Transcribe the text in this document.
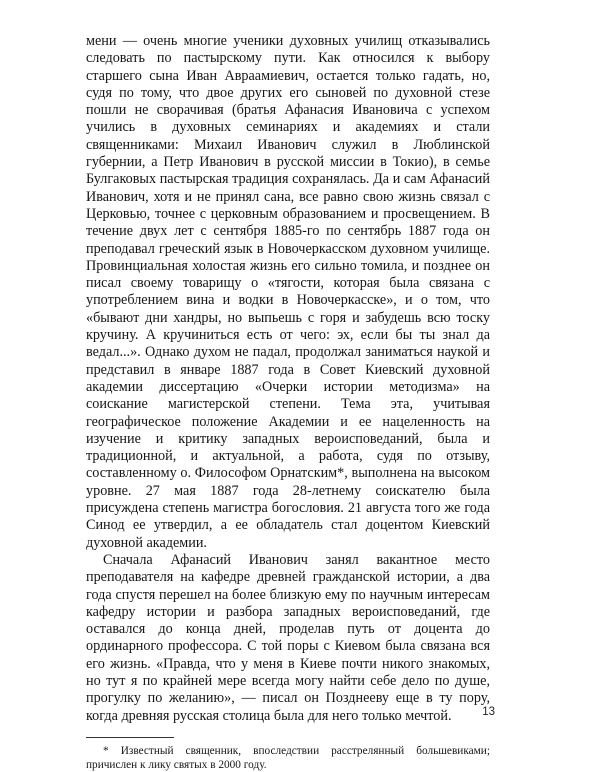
мени — очень многие ученики духовных училищ отказывались следовать по пастырскому пути. Как относился к выбору старшего сына Иван Авраамиевич, остается только гадать, но, судя по тому, что двое других его сыновей по духовной стезе пошли не сворачивая (братья Афанасия Ивановича с успехом учились в духовных семинариях и академиях и стали священниками: Михаил Иванович служил в Люблинской губернии, а Петр Иванович в русской миссии в Токио), в семье Булгаковых пастырская традиция сохранялась. Да и сам Афанасий Иванович, хотя и не принял сана, все равно свою жизнь связал с Церковью, точнее с церковным образованием и просвещением. В течение двух лет с сентября 1885-го по сентябрь 1887 года он преподавал греческий язык в Новочеркасском духовном училище. Провинциальная холостая жизнь его сильно томила, и позднее он писал своему товарищу о «тягости, которая была связана с употреблением вина и водки в Новочеркасске», и о том, что «бывают дни хандры, но выпьешь с горя и забудешь всю тоску кручину. А кручиниться есть от чего: эх, если бы ты знал да ведал...». Однако духом не падал, продолжал заниматься наукой и представил в январе 1887 года в Совет Киевский духовной академии диссертацию «Очерки истории методизма» на соискание магистерской степени. Тема эта, учитывая географическое положение Академии и ее нацеленность на изучение и критику западных вероисповеданий, была и традиционной, и актуальной, а работа, судя по отзыву, составленному о. Философом Орнатским*, выполнена на высоком уровне. 27 мая 1887 года 28-летнему соискателю была присуждена степень магистра богословия. 21 августа того же года Синод ее утвердил, а ее обладатель стал доцентом Киевский духовной академии.

Сначала Афанасий Иванович занял вакантное место преподавателя на кафедре древней гражданской истории, а два года спустя перешел на более близкую ему по научным интересам кафедру истории и разбора западных вероисповеданий, где оставался до конца дней, проделав путь от доцента до ординарного профессора. С той поры с Киевом была связана вся его жизнь. «Правда, что у меня в Киеве почти никого знакомых, но тут я по крайней мере всегда могу найти себе дело по душе, прогулку по желанию», — писал он Позднееву еще в ту пору, когда древняя русская столица была для него только мечтой.

* Известный священник, впоследствии расстрелянный большевиками; причислен к лику святых в 2000 году.

13
